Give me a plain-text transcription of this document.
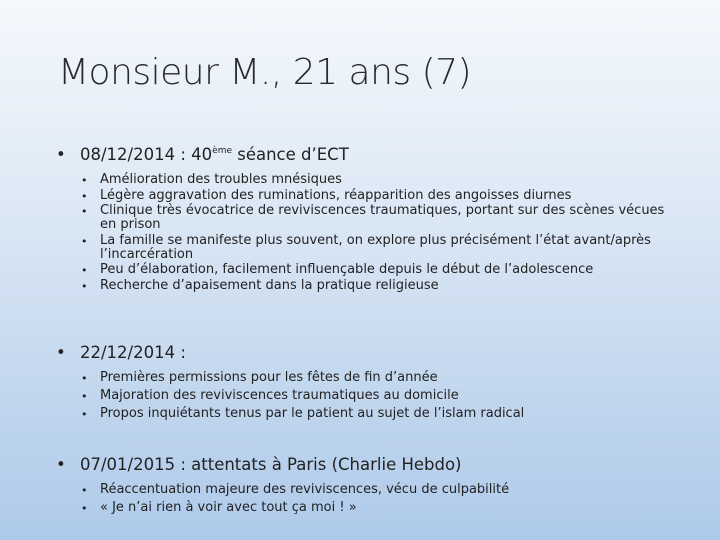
Monsieur M., 21 ans (7)
• 08/12/2014 : 40ème séance d’ECT
• Amélioration des troubles mnésiques
• Légère aggravation des ruminations, réapparition des angoisses diurnes
• Clinique très évocatrice de reviviscences traumatiques, portant sur des scènes vécues en prison
• La famille se manifeste plus souvent, on explore plus précisément l’état avant/après l’incarcération
• Peu d’élaboration, facilement influençable depuis le début de l’adolescence
• Recherche d’apaisement dans la pratique religieuse
• 22/12/2014 :
• Premières permissions pour les fêtes de fin d’année
• Majoration des reviviscences traumatiques au domicile
• Propos inquiétants tenus par le patient au sujet de l’islam radical
• 07/01/2015 : attentats à Paris (Charlie Hebdo)
• Réaccentuation majeure des reviviscences, vécu de culpabilité
• « Je n’ai rien à voir avec tout ça moi ! »
